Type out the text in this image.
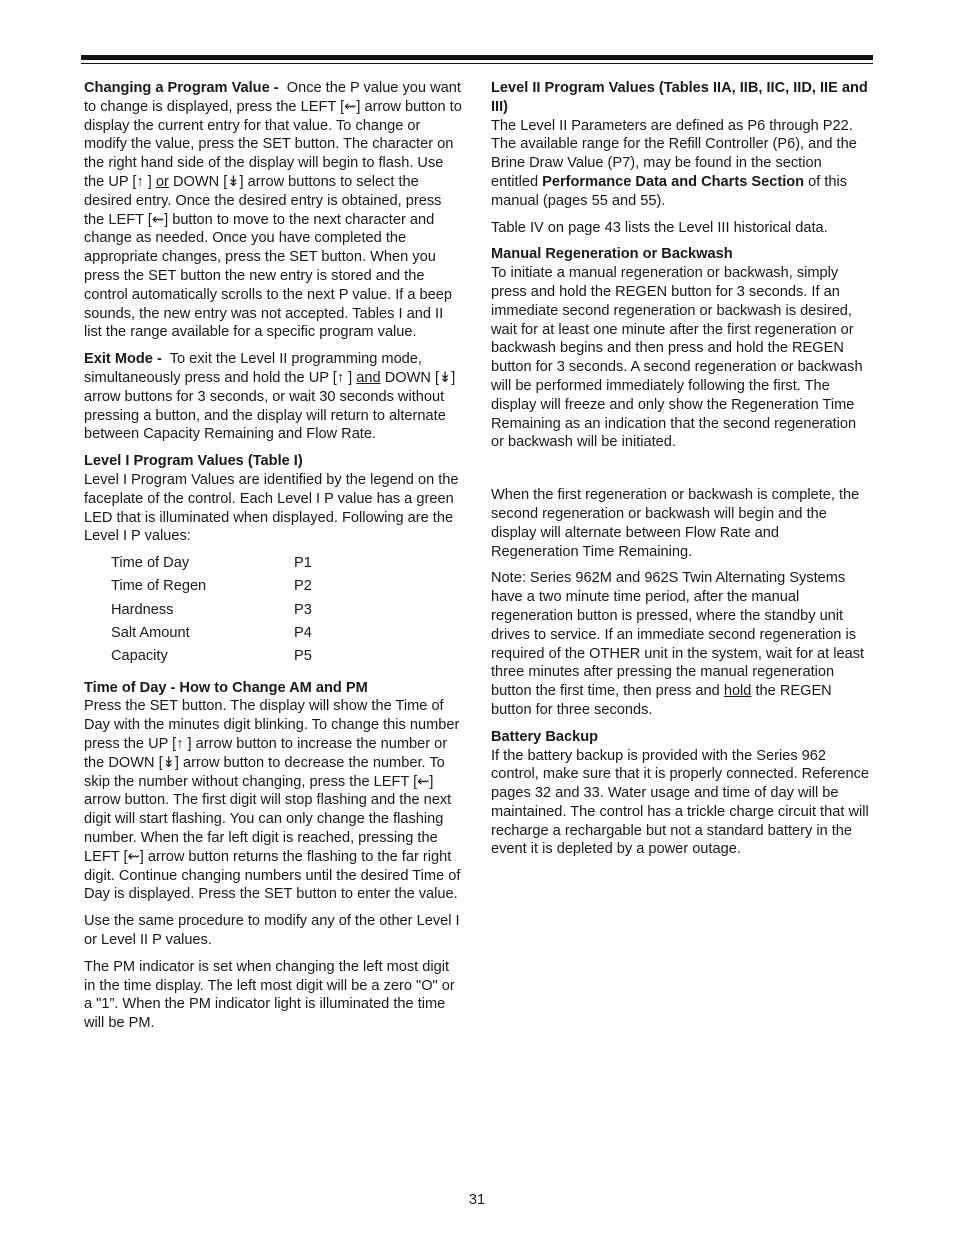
Changing a Program Value - Once the P value you want to change is displayed, press the LEFT [⇜] arrow button to display the current entry for that value. To change or modify the value, press the SET button. The character on the right hand side of the display will begin to flash. Use the UP [↑ ] or DOWN [↡] arrow buttons to select the desired entry. Once the desired entry is obtained, press the LEFT [⇜] button to move to the next character and change as needed. Once you have completed the appropriate changes, press the SET button. When you press the SET button the new entry is stored and the control automatically scrolls to the next P value. If a beep sounds, the new entry was not accepted. Tables I and II list the range available for a specific program value.

Exit Mode - To exit the Level II programming mode, simultaneously press and hold the UP [↑ ] and DOWN [↡] arrow buttons for 3 seconds, or wait 30 seconds without pressing a button, and the display will return to alternate between Capacity Remaining and Flow Rate.

Level I Program Values (Table I)
Level I Program Values are identified by the legend on the faceplate of the control. Each Level I P value has a green LED that is illuminated when displayed. Following are the Level I P values:

Time of Day	P1
Time of Regen	P2
Hardness	P3
Salt Amount	P4
Capacity	P5

Time of Day - How to Change AM and PM
Press the SET button. The display will show the Time of Day with the minutes digit blinking. To change this number press the UP [↑ ] arrow button to increase the number or the DOWN [↡] arrow button to decrease the number. To skip the number without changing, press the LEFT [⇜] arrow button. The first digit will stop flashing and the next digit will start flashing. You can only change the flashing number. When the far left digit is reached, pressing the LEFT [⇜] arrow button returns the flashing to the far right digit. Continue changing numbers until the desired Time of Day is displayed. Press the SET button to enter the value.

Use the same procedure to modify any of the other Level I or Level II P values.

The PM indicator is set when changing the left most digit in the time display. The left most digit will be a zero "O" or a "1”. When the PM indicator light is illuminated the time will be PM.

Level II Program Values (Tables IIA, IIB, IIC, IID, IIE and III)
The Level II Parameters are defined as P6 through P22. The available range for the Refill Controller (P6), and the Brine Draw Value (P7), may be found in the section entitled Performance Data and Charts Section of this manual (pages 55 and 55).

Table IV on page 43 lists the Level III historical data.

Manual Regeneration or Backwash
To initiate a manual regeneration or backwash, simply press and hold the REGEN button for 3 seconds. If an immediate second regeneration or backwash is desired, wait for at least one minute after the first regeneration or backwash begins and then press and hold the REGEN button for 3 seconds. A second regeneration or backwash will be performed immediately following the first. The display will freeze and only show the Regeneration Time Remaining as an indication that the second regeneration or backwash will be initiated.

When the first regeneration or backwash is complete, the second regeneration or backwash will begin and the display will alternate between Flow Rate and Regeneration Time Remaining.

Note: Series 962M and 962S Twin Alternating Systems have a two minute time period, after the manual regeneration button is pressed, where the standby unit drives to service. If an immediate second regeneration is required of the OTHER unit in the system, wait for at least three minutes after pressing the manual regeneration button the first time, then press and hold the REGEN button for three seconds.

Battery Backup
If the battery backup is provided with the Series 962 control, make sure that it is properly connected. Reference pages 32 and 33. Water usage and time of day will be maintained. The control has a trickle charge circuit that will recharge a rechargable but not a standard battery in the event it is depleted by a power outage.

31
